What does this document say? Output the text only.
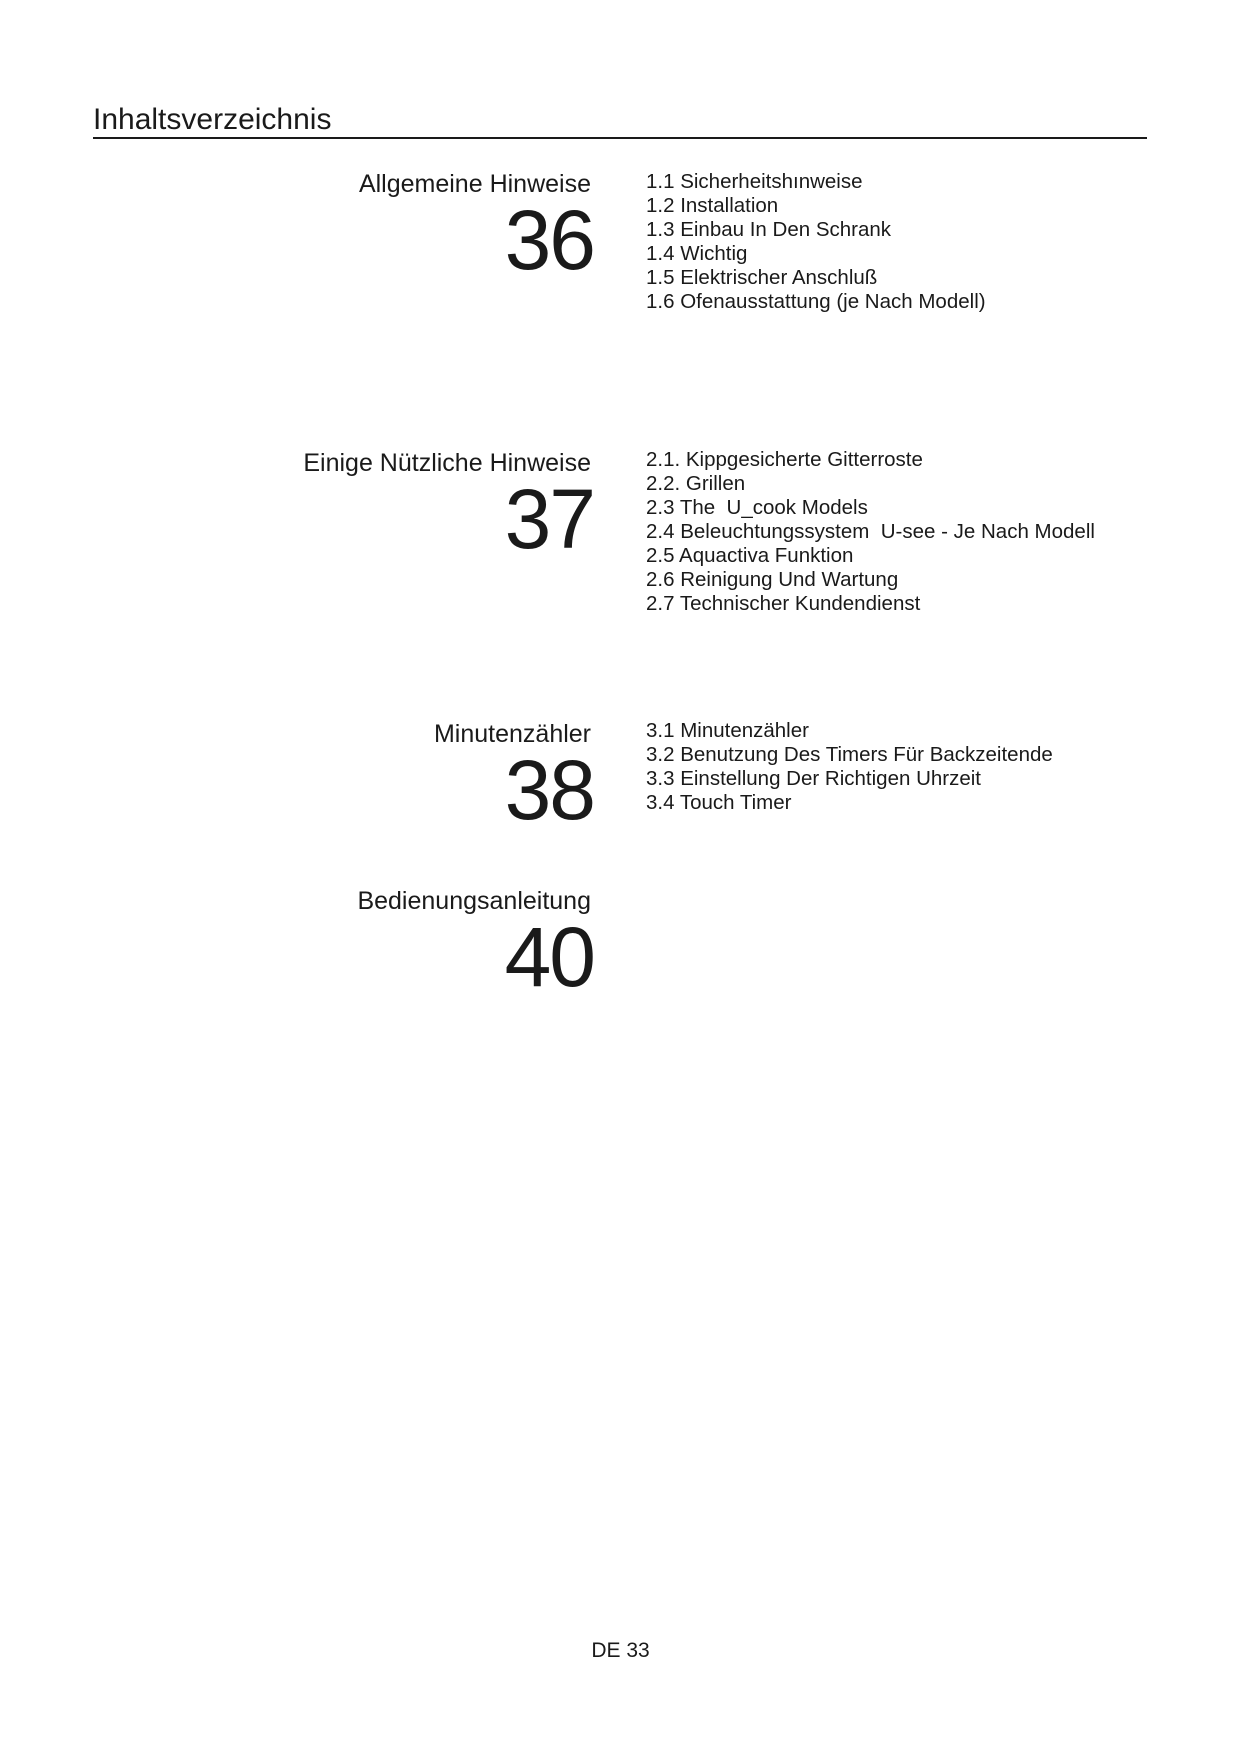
Inhaltsverzeichnis
Allgemeine Hinweise
36
1.1 Sicherheitshınweise
1.2 Installation
1.3 Einbau In Den Schrank
1.4 Wichtig
1.5 Elektrischer Anschluß
1.6 Ofenausstattung (je Nach Modell)
Einige Nützliche Hinweise
37
2.1. Kippgesicherte Gitterroste
2.2. Grillen
2.3 The  U_cook Models
2.4 Beleuchtungssystem  U-see - Je Nach Modell
2.5 Aquactiva Funktion
2.6 Reinigung Und Wartung
2.7 Technischer Kundendienst
Minutenzähler
38
3.1 Minutenzähler
3.2 Benutzung Des Timers Für Backzeitende
3.3 Einstellung Der Richtigen Uhrzeit
3.4 Touch Timer
Bedienungsanleitung
40
DE 33
